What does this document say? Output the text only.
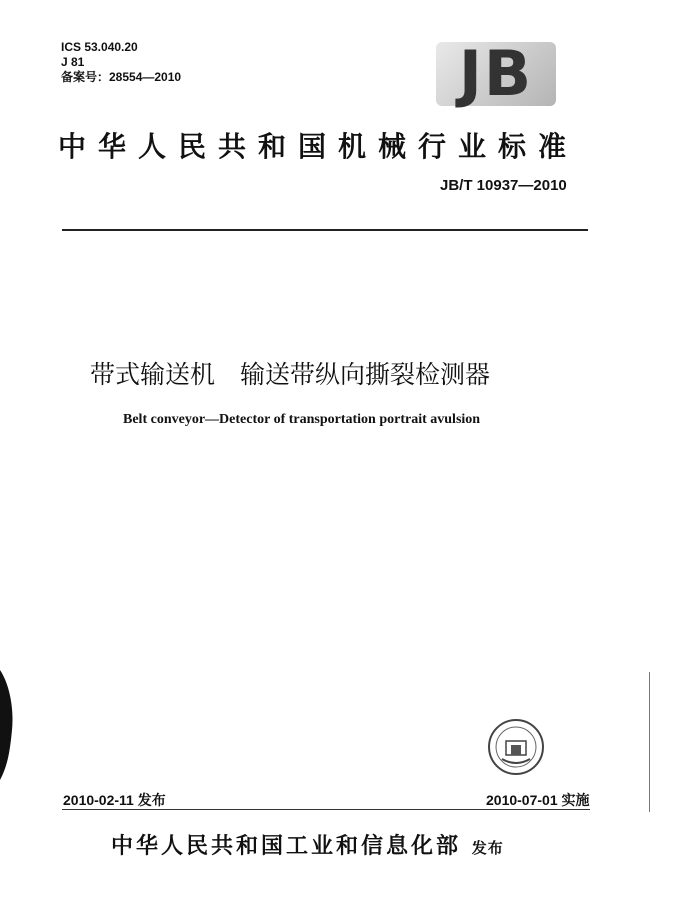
ICS 53.040.20
J 81
备案号：28554—2010	JB
中华人民共和国机械行业标准
JB/T 10937—2010
带式输送机　输送带纵向撕裂检测器
Belt conveyor—Detector of transportation portrait avulsion
2010-02-11 发布	2010-07-01 实施
中华人民共和国工业和信息化部 发布
